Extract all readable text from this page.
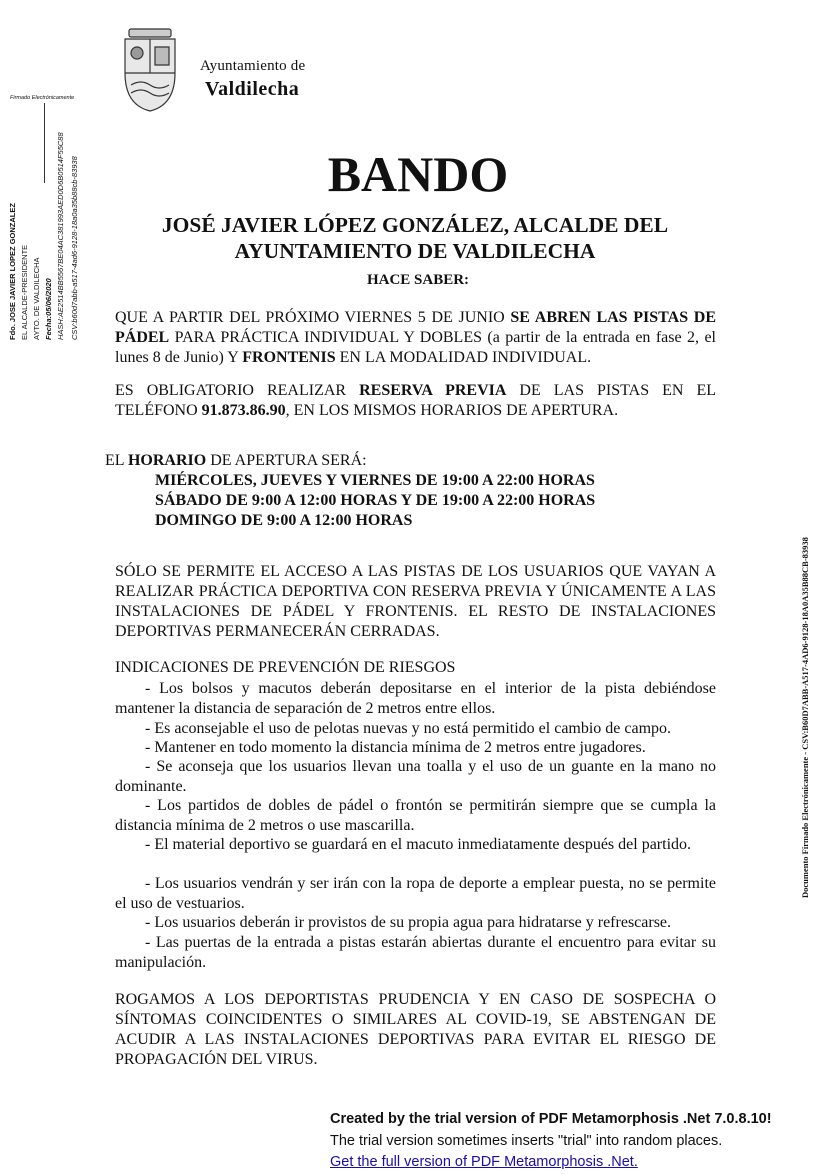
Ayuntamiento de
Valdilecha
Firmado Electrónicamente
Fdo. JOSE JAVIER LOPEZ GONZALEZ EL ALCALDE-PRESIDENTE AYTO. DE VALDILECHA Fecha:05/06/2020 HASH:AE2514BB5567BE04AC381993AED0D6B0514F55C88 CSV:b60d7abb-a517-4ad6-9128-18a0a35b88cb-83938
Documento Firmado Electrónicamente - CSV:B60D7ABB-A517-4AD6-9128-18A0A35B88CB-83938
BANDO
JOSÉ JAVIER LÓPEZ GONZÁLEZ, ALCALDE DEL
AYUNTAMIENTO DE VALDILECHA
HACE SABER:
QUE A PARTIR DEL PRÓXIMO VIERNES 5 DE JUNIO SE ABREN LAS PISTAS DE PÁDEL PARA PRÁCTICA INDIVIDUAL Y DOBLES (a partir de la entrada en fase 2, el lunes 8 de Junio) Y FRONTENIS EN LA MODALIDAD INDIVIDUAL.
ES OBLIGATORIO REALIZAR RESERVA PREVIA DE LAS PISTAS EN EL TELÉFONO 91.873.86.90, EN LOS MISMOS HORARIOS DE APERTURA.
EL HORARIO DE APERTURA SERÁ:
MIÉRCOLES, JUEVES Y VIERNES DE 19:00 A 22:00 HORAS
SÁBADO DE 9:00 A 12:00 HORAS Y DE 19:00 A 22:00 HORAS
DOMINGO DE 9:00 A 12:00 HORAS
SÓLO SE PERMITE EL ACCESO A LAS PISTAS DE LOS USUARIOS QUE VAYAN A REALIZAR PRÁCTICA DEPORTIVA CON RESERVA PREVIA Y ÚNICAMENTE A LAS INSTALACIONES DE PÁDEL Y FRONTENIS. EL RESTO DE INSTALACIONES DEPORTIVAS PERMANECERÁN CERRADAS.
INDICACIONES DE PREVENCIÓN DE RIESGOS
- Los bolsos y macutos deberán depositarse en el interior de la pista debiéndose mantener la distancia de separación de 2 metros entre ellos.
- Es aconsejable el uso de pelotas nuevas y no está permitido el cambio de campo.
- Mantener en todo momento la distancia mínima de 2 metros entre jugadores.
- Se aconseja que los usuarios llevan una toalla y el uso de un guante en la mano no dominante.
- Los partidos de dobles de pádel o frontón se permitirán siempre que se cumpla la distancia mínima de 2 metros o use mascarilla.
- El material deportivo se guardará en el macuto inmediatamente después del partido.
- Los usuarios vendrán y ser irán con la ropa de deporte a emplear puesta, no se permite el uso de vestuarios.
- Los usuarios deberán ir provistos de su propia agua para hidratarse y refrescarse.
- Las puertas de la entrada a pistas estarán abiertas durante el encuentro para evitar su manipulación.
ROGAMOS A LOS DEPORTISTAS PRUDENCIA Y EN CASO DE SOSPECHA O SÍNTOMAS COINCIDENTES O SIMILARES AL COVID-19, SE ABSTENGAN DE ACUDIR A LAS INSTALACIONES DEPORTIVAS PARA EVITAR EL RIESGO DE PROPAGACIÓN DEL VIRUS.
Created by the trial version of PDF Metamorphosis .Net 7.0.8.10!
The trial version sometimes inserts "trial" into random places.
Get the full version of PDF Metamorphosis .Net.
